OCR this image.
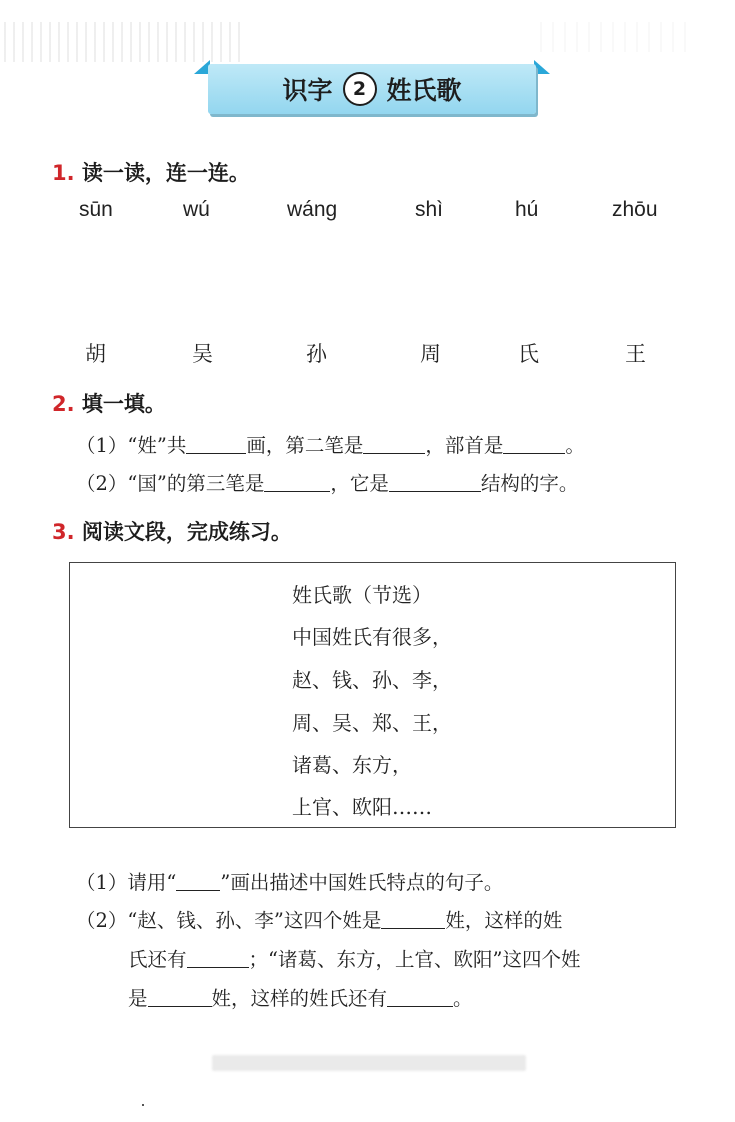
识字	2 姓氏歌
1. 读一读，连一连。
sūn	wú	wáng	shì	hú	zhōu
胡	吴	孙	周	氏	王
2. 填一填。
（1）“姓”共	画，第二笔是	，部首是	。
（2）“国”的第三笔是	，它是	结构的字。
3. 阅读文段，完成练习。
姓氏歌（节选）
中国姓氏有很多，
赵、钱、孙、李，
周、吴、郑、王，
诸葛、东方，
上官、欧阳……
（1）请用“ ”画出描述中国姓氏特点的句子。
（2）“赵、钱、孙、李”这四个姓是	姓，这样的姓
氏还有	；“诸葛、东方，上官、欧阳”这四个姓
是	姓，这样的姓氏还有	。
